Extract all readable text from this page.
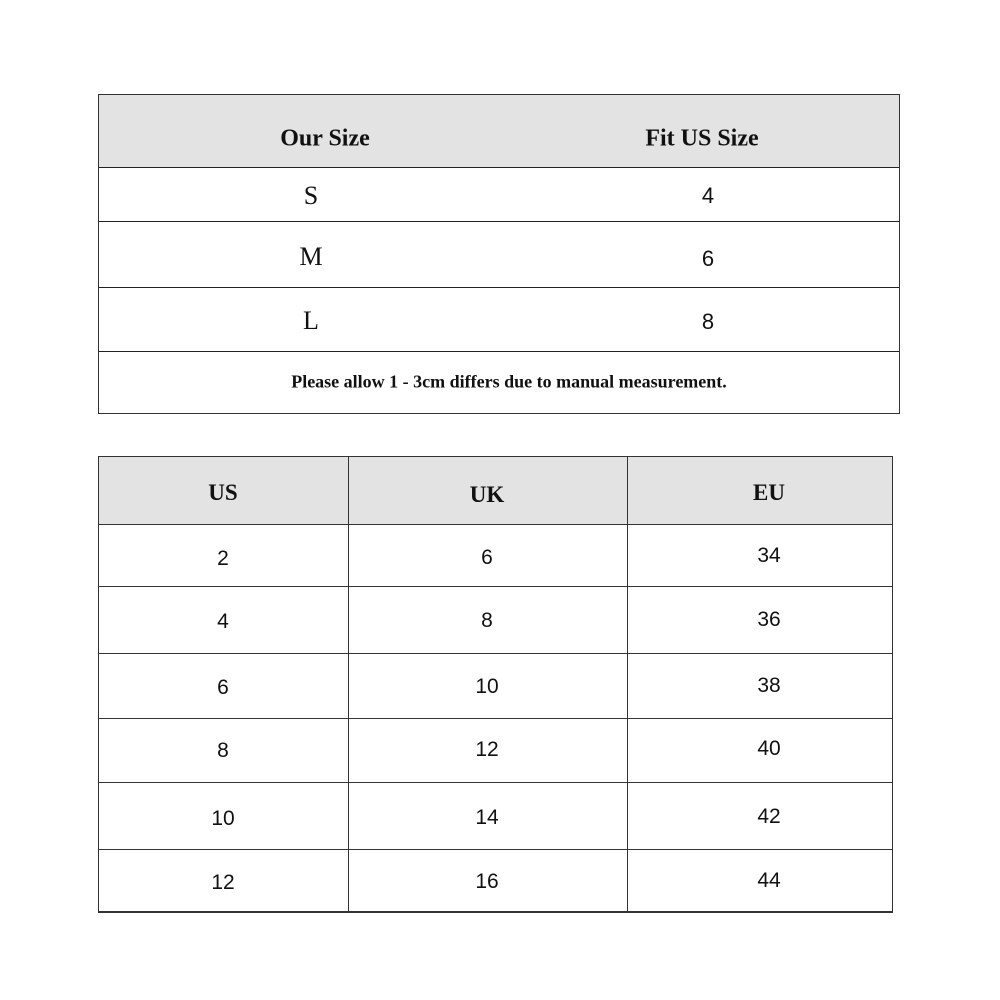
Our Size	Fit US Size
S	4
M	6
L	8
Please allow 1 - 3cm differs due to manual measurement.
US	UK	EU
2	6	34
4	8	36
6	10	38
8	12	40
10	14	42
12	16	44
